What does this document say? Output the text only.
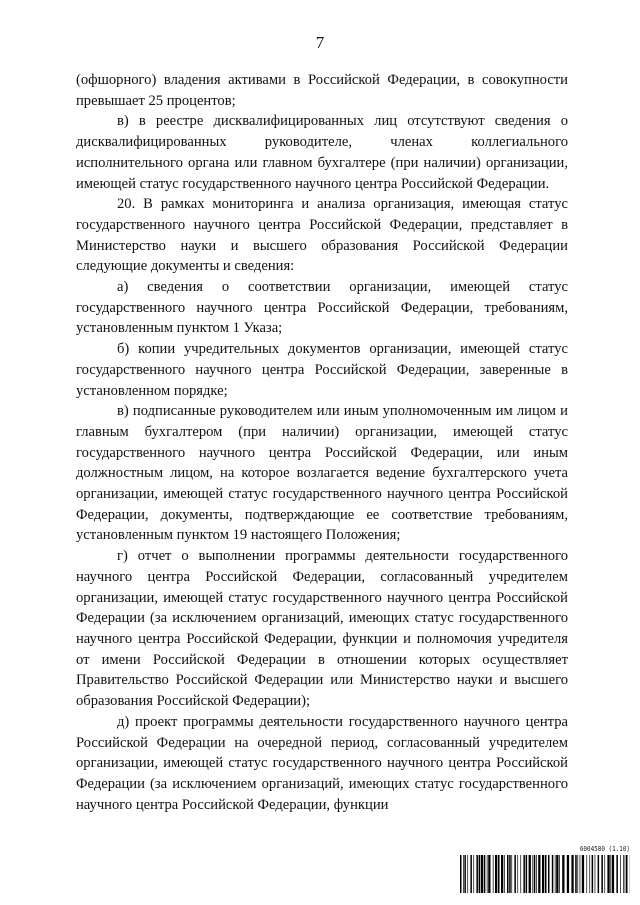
7

(офшорного) владения активами в Российской Федерации, в совокупности превышает 25 процентов;

в) в реестре дисквалифицированных лиц отсутствуют сведения о дисквалифицированных руководителе, членах коллегиального исполнительного органа или главном бухгалтере (при наличии) организации, имеющей статус государственного научного центра Российской Федерации.

20. В рамках мониторинга и анализа организация, имеющая статус государственного научного центра Российской Федерации, представляет в Министерство науки и высшего образования Российской Федерации следующие документы и сведения:

а) сведения о соответствии организации, имеющей статус государственного научного центра Российской Федерации, требованиям, установленным пунктом 1 Указа;

б) копии учредительных документов организации, имеющей статус государственного научного центра Российской Федерации, заверенные в установленном порядке;

в) подписанные руководителем или иным уполномоченным им лицом и главным бухгалтером (при наличии) организации, имеющей статус государственного научного центра Российской Федерации, или иным должностным лицом, на которое возлагается ведение бухгалтерского учета организации, имеющей статус государственного научного центра Российской Федерации, документы, подтверждающие ее соответствие требованиям, установленным пунктом 19 настоящего Положения;

г) отчет о выполнении программы деятельности государственного научного центра Российской Федерации, согласованный учредителем организации, имеющей статус государственного научного центра Российской Федерации (за исключением организаций, имеющих статус государственного научного центра Российской Федерации, функции и полномочия учредителя от имени Российской Федерации в отношении которых осуществляет Правительство Российской Федерации или Министерство науки и высшего образования Российской Федерации);

д) проект программы деятельности государственного научного центра Российской Федерации на очередной период, согласованный учредителем организации, имеющей статус государственного научного центра Российской Федерации (за исключением организаций, имеющих статус государственного научного центра Российской Федерации, функции

6004580 (1.10)
